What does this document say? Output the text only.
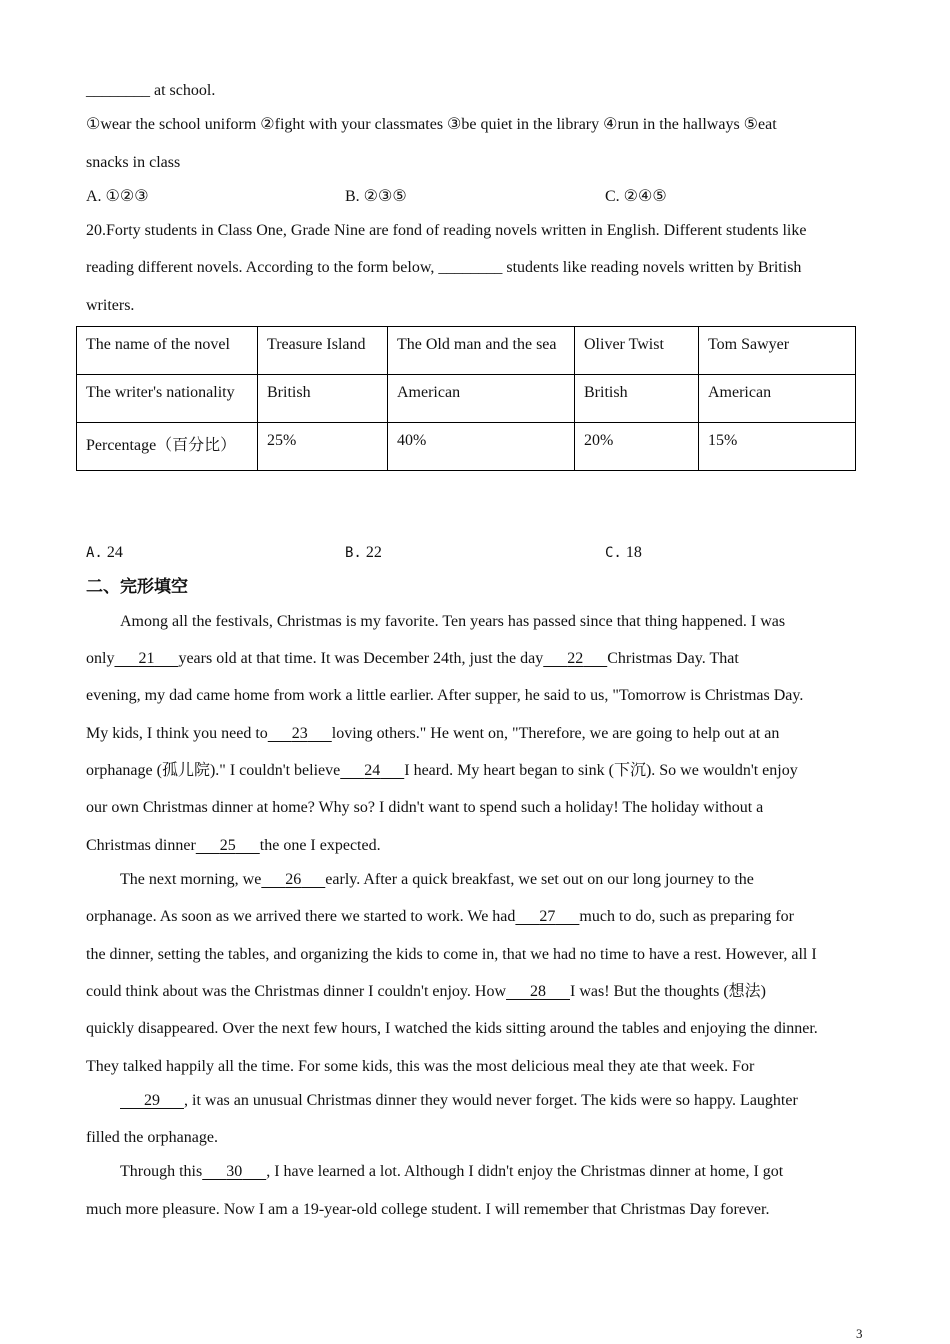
________ at school.
①wear the school uniform ②fight with your classmates ③be quiet in the library ④run in the hallways ⑤eat
snacks in class
A. ①②③	B. ②③⑤	C. ②④⑤
20.Forty students in Class One, Grade Nine are fond of reading novels written in English. Different students like
reading different novels. According to the form below, ________ students like reading novels written by British
writers.
The name of the novel	Treasure Island	The Old man and the sea	Oliver Twist	Tom Sawyer
The writer's nationality	British	American	British	American
Percentage（百分比）	25%	40%	20%	15%
A. 24	B. 22	C. 18
二、完形填空
Among all the festivals, Christmas is my favorite. Ten years has passed since that thing happened. I was
only 21 years old at that time. It was December 24th, just the day 22 Christmas Day. That
evening, my dad came home from work a little earlier. After supper, he said to us, "Tomorrow is Christmas Day.
My kids, I think you need to 23 loving others." He went on, "Therefore, we are going to help out at an
orphanage (孤儿院)." I couldn't believe 24 I heard. My heart began to sink (下沉). So we wouldn't enjoy
our own Christmas dinner at home? Why so? I didn't want to spend such a holiday! The holiday without a
Christmas dinner 25 the one I expected.
The next morning, we 26 early. After a quick breakfast, we set out on our long journey to the
orphanage. As soon as we arrived there we started to work. We had 27 much to do, such as preparing for
the dinner, setting the tables, and organizing the kids to come in, that we had no time to have a rest. However, all I
could think about was the Christmas dinner I couldn't enjoy. How 28 I was! But the thoughts (想法)
quickly disappeared. Over the next few hours, I watched the kids sitting around the tables and enjoying the dinner.
They talked happily all the time. For some kids, this was the most delicious meal they ate that week. For
29 , it was an unusual Christmas dinner they would never forget. The kids were so happy. Laughter
filled the orphanage.
Through this 30 , I have learned a lot. Although I didn't enjoy the Christmas dinner at home, I got
much more pleasure. Now I am a 19-year-old college student. I will remember that Christmas Day forever.
3
